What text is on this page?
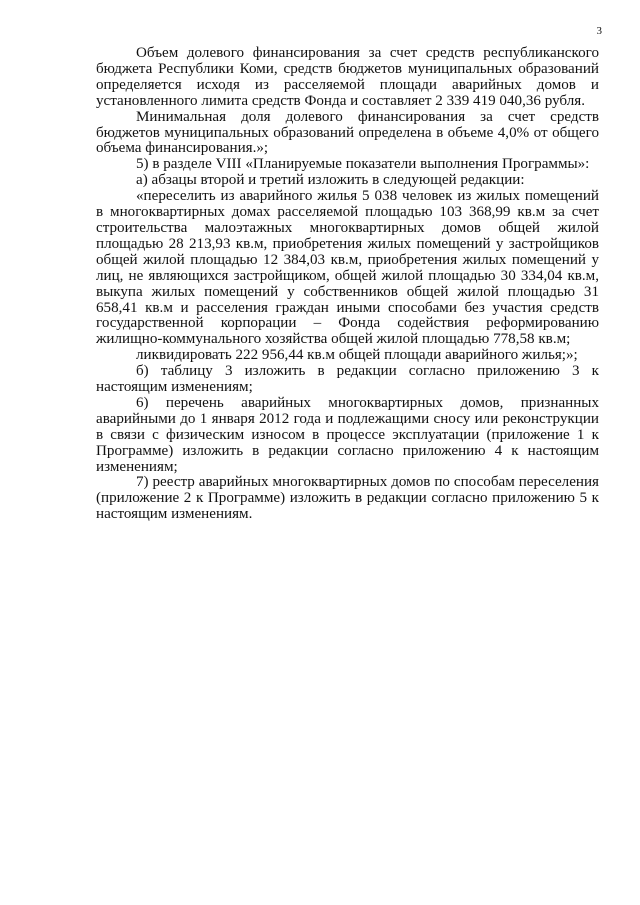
3

Объем долевого финансирования за счет средств республиканского бюджета Республики Коми, средств бюджетов муниципальных образований определяется исходя из расселяемой площади аварийных домов и установленного лимита средств Фонда и составляет 2 339 419 040,36 рубля.

Минимальная доля долевого финансирования за счет средств бюджетов муниципальных образований определена в объеме 4,0% от общего объема финансирования.»;

5) в разделе VIII «Планируемые показатели выполнения Программы»:

а) абзацы второй и третий изложить в следующей редакции:

«переселить из аварийного жилья 5 038 человек из жилых помещений в многоквартирных домах расселяемой площадью 103 368,99 кв.м за счет строительства малоэтажных многоквартирных домов общей жилой площадью 28 213,93 кв.м, приобретения жилых помещений у застройщиков общей жилой площадью 12 384,03 кв.м, приобретения жилых помещений у лиц, не являющихся застройщиком, общей жилой площадью 30 334,04 кв.м, выкупа жилых помещений у собственников общей жилой площадью 31 658,41 кв.м и расселения граждан иными способами без участия средств государственной корпорации – Фонда содействия реформированию жилищно-коммунального хозяйства общей жилой площадью 778,58 кв.м;

ликвидировать 222 956,44 кв.м общей площади аварийного жилья;»;

б) таблицу 3 изложить в редакции согласно приложению 3 к настоящим изменениям;

6) перечень аварийных многоквартирных домов, признанных аварийными до 1 января 2012 года и подлежащими сносу или реконструкции в связи с физическим износом в процессе эксплуатации (приложение 1 к Программе) изложить в редакции согласно приложению 4 к настоящим изменениям;

7) реестр аварийных многоквартирных домов по способам переселения (приложение 2 к Программе) изложить в редакции согласно приложению 5 к настоящим изменениям.
